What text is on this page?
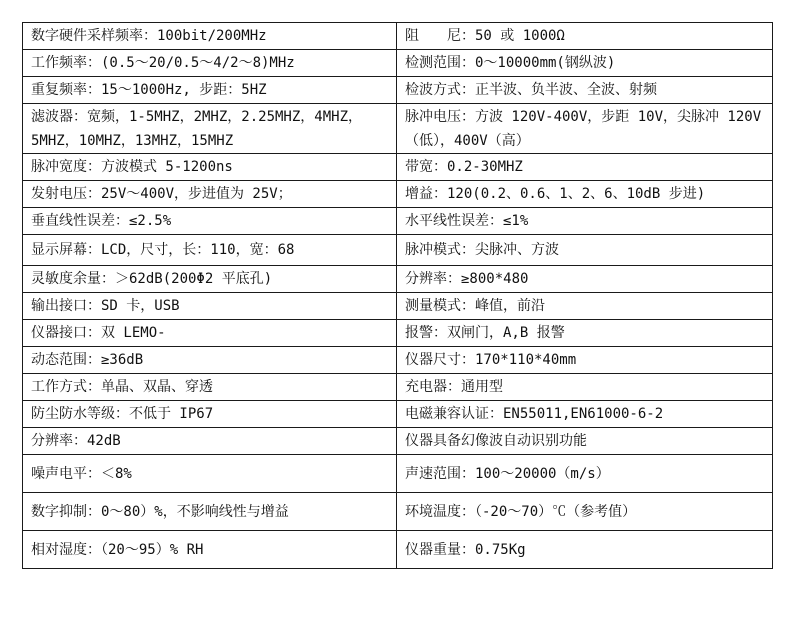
数字硬件采样频率：100bit/200MHz	阻　　尼：50 或 1000Ω
工作频率：(0.5～20/0.5～4/2～8)MHz	检测范围：0～10000mm(钢纵波)
重复频率：15～1000Hz, 步距：5HZ	检波方式：正半波、负半波、全波、射频
滤波器：宽频，1-5MHZ，2MHZ，2.25MHZ，4MHZ，5MHZ，10MHZ，13MHZ，15MHZ	脉冲电压：方波 120V-400V，步距 10V，尖脉冲 120V（低），400V（高）
脉冲宽度：方波模式 5-1200ns	带宽：0.2-30MHZ
发射电压：25V～400V，步进值为 25V；	增益：120(0.2、0.6、1、2、6、10dB 步进)
垂直线性误差：≤2.5%	水平线性误差：≤1%
显示屏幕：LCD，尺寸，长：110，宽：68	脉冲模式：尖脉冲、方波
灵敏度余量：＞62dB(200Φ2 平底孔)	分辨率：≥800*480
输出接口：SD 卡，USB	测量模式：峰值，前沿
仪器接口：双 LEMO-	报警：双闸门，A,B 报警
动态范围：≥36dB	仪器尺寸：170*110*40mm
工作方式：单晶、双晶、穿透	充电器：通用型
防尘防水等级：不低于 IP67	电磁兼容认证：EN55011,EN61000-6-2
分辨率：42dB	仪器具备幻像波自动识别功能
噪声电平：＜8%	声速范围：100～20000（m/s）
数字抑制：0～80）%，不影响线性与增益	环境温度：（-20～70）℃（参考值）
相对湿度：（20～95）% RH	仪器重量：0.75Kg
